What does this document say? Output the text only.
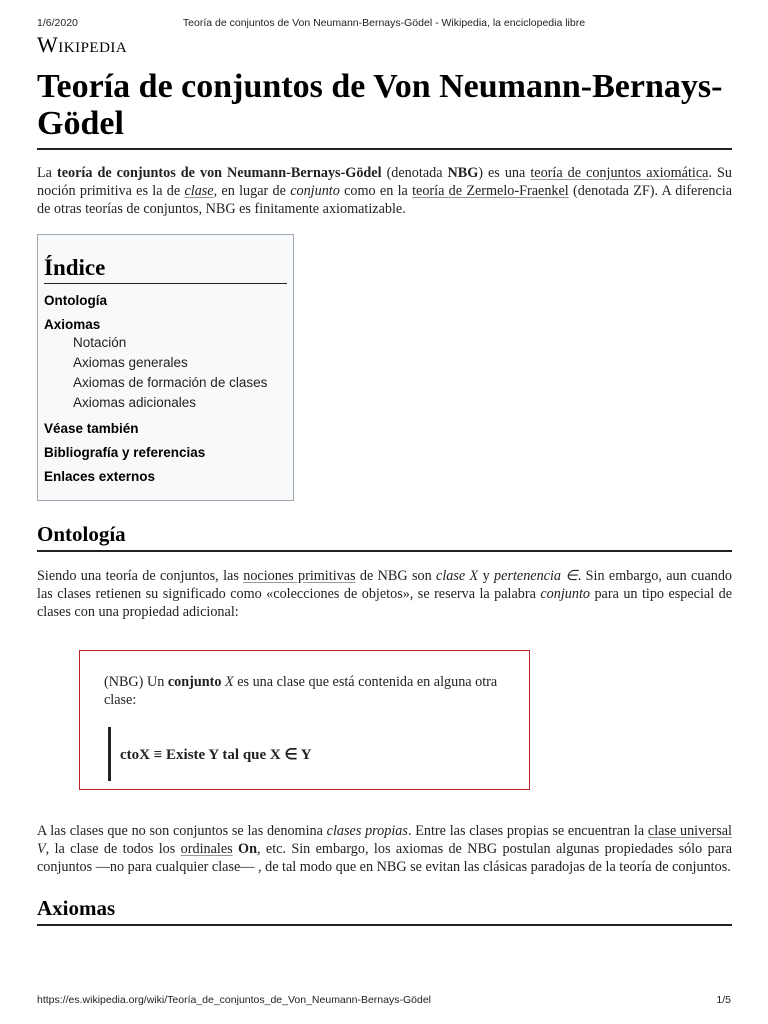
1/6/2020	Teoría de conjuntos de Von Neumann-Bernays-Gödel - Wikipedia, la enciclopedia libre
Wikipedia
Teoría de conjuntos de Von Neumann-Bernays-Gödel

La teoría de conjuntos de von Neumann-Bernays-Gödel (denotada NBG) es una teoría de conjuntos axiomática. Su noción primitiva es la de clase, en lugar de conjunto como en la teoría de Zermelo-Fraenkel (denotada ZF). A diferencia de otras teorías de conjuntos, NBG es finitamente axiomatizable.

Índice
Ontología
Axiomas
Notación
Axiomas generales
Axiomas de formación de clases
Axiomas adicionales
Véase también
Bibliografía y referencias
Enlaces externos
Ontología

Siendo una teoría de conjuntos, las nociones primitivas de NBG son clase X y pertenencia ∈. Sin embargo, aun cuando las clases retienen su significado como «colecciones de objetos», se reserva la palabra conjunto para un tipo especial de clases con una propiedad adicional:

(NBG) Un conjunto X es una clase que está contenida en alguna otra clase:
ctoX ≡ Existe Y tal que X ∈ Y

A las clases que no son conjuntos se las denomina clases propias. Entre las clases propias se encuentran la clase universal V, la clase de todos los ordinales On, etc. Sin embargo, los axiomas de NBG postulan algunas propiedades sólo para conjuntos —no para cualquier clase— , de tal modo que en NBG se evitan las clásicas paradojas de la teoría de conjuntos.

Axiomas
https://es.wikipedia.org/wiki/Teoría_de_conjuntos_de_Von_Neumann-Bernays-Gödel	1/5
